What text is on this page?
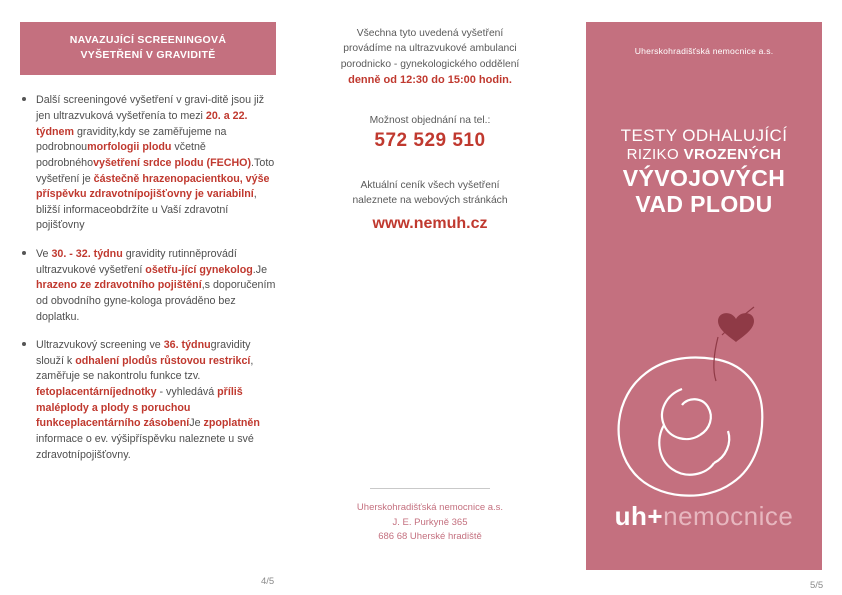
NAVAZUJÍCÍ SCREENINGOVÁ
VYŠETŘENÍ V GRAVIDITĚ
Další screeningové vyšetření v gravi-ditě jsou již jen ultrazvuková vyšetřenía to mezi 20. a 22. týdnem gravidity,kdy se zaměřujeme na podrobnoumorfologii plodu včetně podrobnéhovyšetření srdce plodu (FECHO).Toto vyšetření je částečně hrazenopacientkou, výše příspěvku zdravotnípojišťovny je variabilní, bližší informaceobdržíte u Vaší zdravotní pojišťovny
Ve 30. - 32. týdnu gravidity rutinněprovádí ultrazvukové vyšetření ošetřu-jící gynekolog.Je hrazeno ze zdravotního pojištění,s doporučením od obvodního gyne-kologa prováděno bez doplatku.
Ultrazvukový screening ve 36. týdnugravidity slouží k odhalení plodůs růstovou restrikcí, zaměřuje se nakontrolu funkce tzv. fetoplacentárníjednotky - vyhledává příliš maléplody a plody s poruchou funkceplacentárního zásobeníJe zpoplatněn informace o ev. výšipříspěvku naleznete u své zdravotnípojišťovny.
4/5
Všechna tyto uvedená vyšetření
provádíme na ultrazvukové ambulanci
porodnicko - gynekologického oddělení
denně od 12:30 do 15:00 hodin.
Možnost objednání na tel.:
572 529 510
Aktuální ceník všech vyšetření
naleznete na webových stránkách
www.nemuh.cz
Uherskohradišťská nemocnice a.s.
J. E. Purkyně 365
686 68 Uherské hradiště
5/5
Uherskohradišťská nemocnice a.s.
TESTY ODHALUJÍCÍ
RIZIKO VROZENÝCH
VÝVOJOVÝCH
VAD PLODU
uh+nemocnice
